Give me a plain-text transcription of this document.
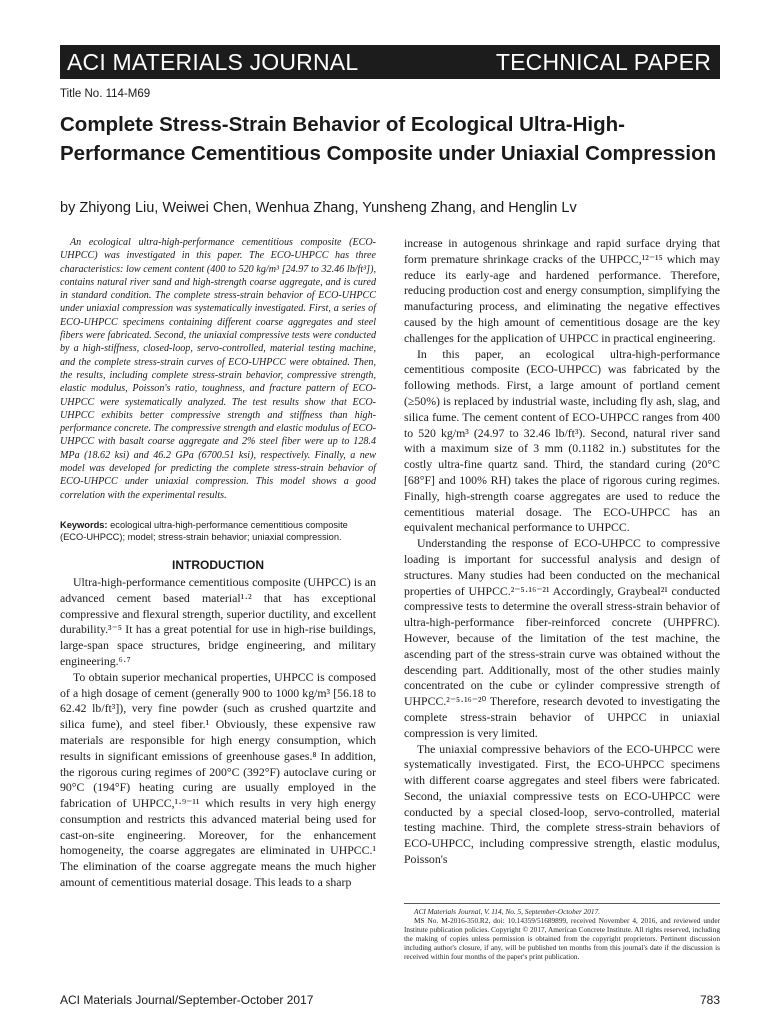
ACI MATERIALS JOURNAL	TECHNICAL PAPER
Title No. 114-M69
Complete Stress-Strain Behavior of Ecological Ultra-High-Performance Cementitious Composite under Uniaxial Compression
by Zhiyong Liu, Weiwei Chen, Wenhua Zhang, Yunsheng Zhang, and Henglin Lv

An ecological ultra-high-performance cementitious composite (ECO-UHPCC) was investigated in this paper. The ECO-UHPCC has three characteristics: low cement content (400 to 520 kg/m³ [24.97 to 32.46 lb/ft³]), contains natural river sand and high-strength coarse aggregate, and is cured in standard condition. The complete stress-strain behavior of ECO-UHPCC under uniaxial compression was systematically investigated. First, a series of ECO-UHPCC specimens containing different coarse aggregates and steel fibers were fabricated. Second, the uniaxial compressive tests were conducted by a high-stiffness, closed-loop, servo-controlled, material testing machine, and the complete stress-strain curves of ECO-UHPCC were obtained. Then, the results, including complete stress-strain behavior, compressive strength, elastic modulus, Poisson's ratio, toughness, and fracture pattern of ECO-UHPCC were systematically analyzed. The test results show that ECO-UHPCC exhibits better compressive strength and stiffness than high-performance concrete. The compressive strength and elastic modulus of ECO-UHPCC with basalt coarse aggregate and 2% steel fiber were up to 128.4 MPa (18.62 ksi) and 46.2 GPa (6700.51 ksi), respectively. Finally, a new model was developed for predicting the complete stress-strain behavior of ECO-UHPCC under uniaxial compression. This model shows a good correlation with the experimental results.

Keywords: ecological ultra-high-performance cementitious composite (ECO-UHPCC); model; stress-strain behavior; uniaxial compression.

INTRODUCTION

Ultra-high-performance cementitious composite (UHPCC) is an advanced cement based material¹·² that has exceptional compressive and flexural strength, superior ductility, and excellent durability.³⁻⁵ It has a great potential for use in high-rise buildings, large-span space structures, bridge engineering, and military engineering.⁶·⁷

To obtain superior mechanical properties, UHPCC is composed of a high dosage of cement (generally 900 to 1000 kg/m³ [56.18 to 62.42 lb/ft³]), very fine powder (such as crushed quartzite and silica fume), and steel fiber.¹ Obviously, these expensive raw materials are responsible for high energy consumption, which results in significant emissions of greenhouse gases.⁸ In addition, the rigorous curing regimes of 200°C (392°F) autoclave curing or 90°C (194°F) heating curing are usually employed in the fabrication of UHPCC,¹·⁹⁻¹¹ which results in very high energy consumption and restricts this advanced material being used for cast-on-site engineering. Moreover, for the enhancement homogeneity, the coarse aggregates are eliminated in UHPCC.¹ The elimination of the coarse aggregate means the much higher amount of cementitious material dosage. This leads to a sharp

increase in autogenous shrinkage and rapid surface drying that form premature shrinkage cracks of the UHPCC,¹²⁻¹⁵ which may reduce its early-age and hardened performance. Therefore, reducing production cost and energy consumption, simplifying the manufacturing process, and eliminating the negative effectives caused by the high amount of cementitious dosage are the key challenges for the application of UHPCC in practical engineering.

In this paper, an ecological ultra-high-performance cementitious composite (ECO-UHPCC) was fabricated by the following methods. First, a large amount of portland cement (≥50%) is replaced by industrial waste, including fly ash, slag, and silica fume. The cement content of ECO-UHPCC ranges from 400 to 520 kg/m³ (24.97 to 32.46 lb/ft³). Second, natural river sand with a maximum size of 3 mm (0.1182 in.) substitutes for the costly ultra-fine quartz sand. Third, the standard curing (20°C [68°F] and 100% RH) takes the place of rigorous curing regimes. Finally, high-strength coarse aggregates are used to reduce the cementitious material dosage. The ECO-UHPCC has an equivalent mechanical performance to UHPCC.

Understanding the response of ECO-UHPCC to compressive loading is important for successful analysis and design of structures. Many studies had been conducted on the mechanical properties of UHPCC.²⁻⁵·¹⁶⁻²¹ Accordingly, Graybeal²¹ conducted compressive tests to determine the overall stress-strain behavior of ultra-high-performance fiber-reinforced concrete (UHPFRC). However, because of the limitation of the test machine, the ascending part of the stress-strain curve was obtained without the descending part. Additionally, most of the other studies mainly concentrated on the cube or cylinder compressive strength of UHPCC.²⁻⁵·¹⁶⁻²⁰ Therefore, research devoted to investigating the complete stress-strain behavior of UHPCC in uniaxial compression is very limited.

The uniaxial compressive behaviors of the ECO-UHPCC were systematically investigated. First, the ECO-UHPCC specimens with different coarse aggregates and steel fibers were fabricated. Second, the uniaxial compressive tests on ECO-UHPCC were conducted by a special closed-loop, servo-controlled, material testing machine. Third, the complete stress-strain behaviors of ECO-UHPCC, including compressive strength, elastic modulus, Poisson's

ACI Materials Journal, V. 114, No. 5, September-October 2017.

MS No. M-2016-350.R2, doi: 10.14359/51689899, received November 4, 2016, and reviewed under Institute publication policies. Copyright © 2017, American Concrete Institute. All rights reserved, including the making of copies unless permission is obtained from the copyright proprietors. Pertinent discussion including author's closure, if any, will be published ten months from this journal's date if the discussion is received within four months of the paper's print publication.

ACI Materials Journal/September-October 2017	783
